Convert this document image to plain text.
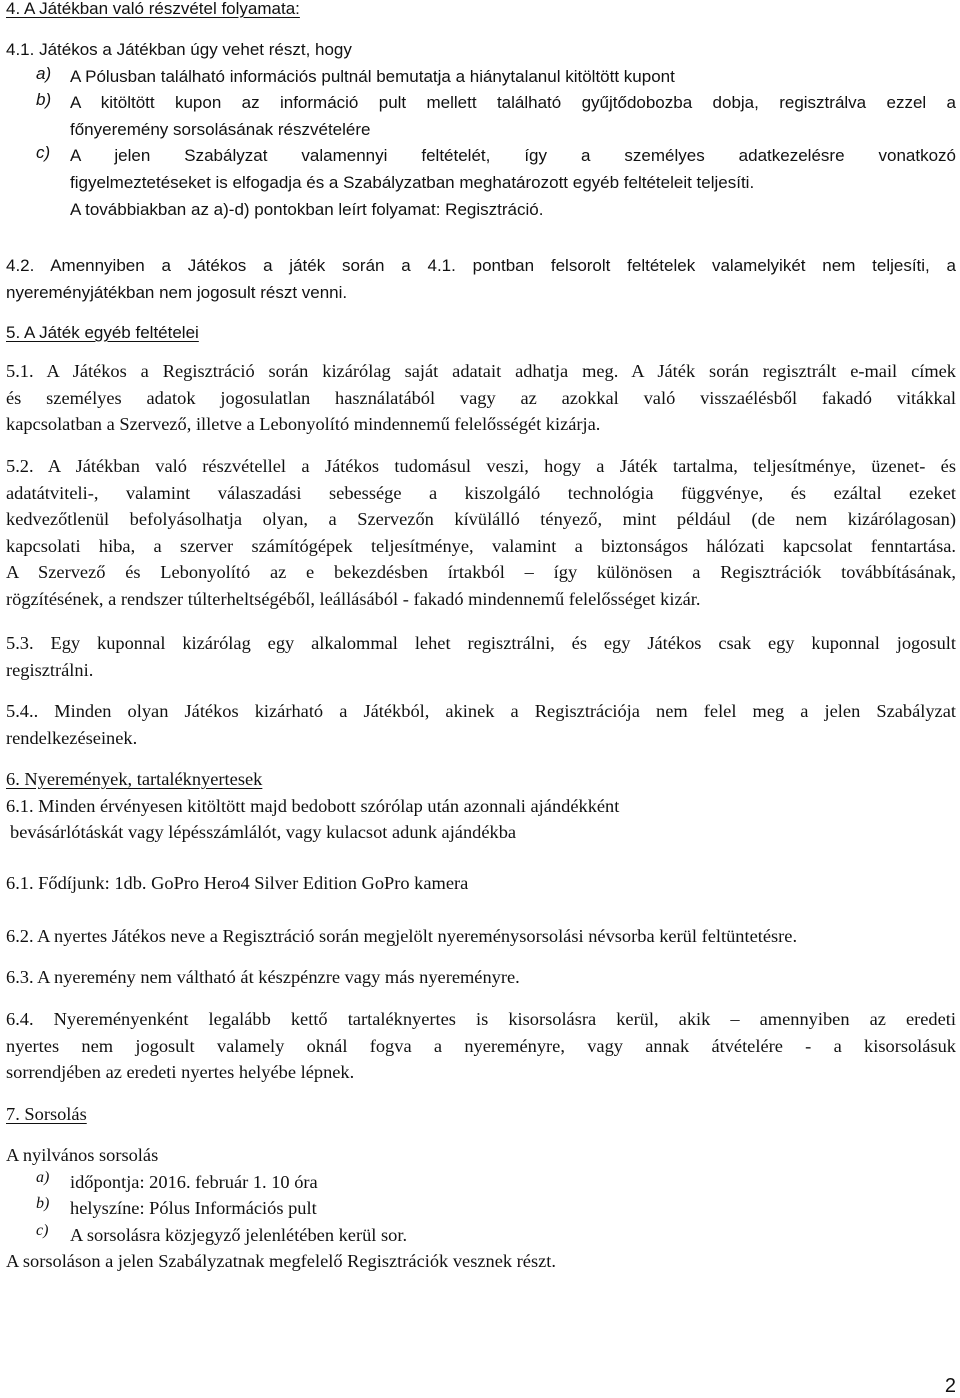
4. A Játékban való részvétel folyamata:
4.1. Játékos a Játékban úgy vehet részt, hogy
a)	A Pólusban található információs pultnál bemutatja a hiánytalanul kitöltött kupont
b)	A kitöltött kupon az információ pult mellett található gyűjtődobozba dobja, regisztrálva ezzel a
főnyeremény sorsolásának részvételére
c)	A jelen Szabályzat valamennyi feltételét, így a személyes adatkezelésre vonatkozó
figyelmeztetéseket is elfogadja és a Szabályzatban meghatározott egyéb feltételeit teljesíti.
A továbbiakban az a)-d) pontokban leírt folyamat: Regisztráció.
4.2. Amennyiben a Játékos a játék során a 4.1. pontban felsorolt feltételek valamelyikét nem teljesíti, a
nyereményjátékban nem jogosult részt venni.
5. A Játék egyéb feltételei
5.1. A Játékos a Regisztráció során kizárólag saját adatait adhatja meg. A Játék során regisztrált e-mail címek
és személyes adatok jogosulatlan használatából vagy az azokkal való visszaélésből fakadó vitákkal
kapcsolatban a Szervező, illetve a Lebonyolító mindennemű felelősségét kizárja.
5.2. A Játékban való részvétellel a Játékos tudomásul veszi, hogy a Játék tartalma, teljesítménye, üzenet- és
adatátviteli-, valamint válaszadási sebessége a kiszolgáló technológia függvénye, és ezáltal ezeket
kedvezőtlenül befolyásolhatja olyan, a Szervezőn kívülálló tényező, mint például (de nem kizárólagosan)
kapcsolati hiba, a szerver számítógépek teljesítménye, valamint a biztonságos hálózati kapcsolat fenntartása.
A Szervező és Lebonyolító az e bekezdésben írtakból – így különösen a Regisztrációk továbbításának,
rögzítésének, a rendszer túlterheltségéből, leállásából - fakadó mindennemű felelősséget kizár.
5.3. Egy kuponnal kizárólag egy alkalommal lehet regisztrálni, és egy Játékos csak egy kuponnal jogosult
regisztrálni.
5.4.. Minden olyan Játékos kizárható a Játékból, akinek a Regisztrációja nem felel meg a jelen Szabályzat
rendelkezéseinek.
6. Nyeremények, tartaléknyertesek
6.1. Minden érvényesen kitöltött majd bedobott szórólap után azonnali ajándékként
bevásárlótáskát vagy lépésszámlálót, vagy kulacsot adunk ajándékba
6.1. Fődíjunk: 1db. GoPro Hero4 Silver Edition GoPro kamera
6.2. A nyertes Játékos neve a Regisztráció során megjelölt nyereménysorsolási névsorba kerül feltüntetésre.
6.3. A nyeremény nem váltható át készpénzre vagy más nyereményre.
6.4. Nyereményenként legalább kettő tartaléknyertes is kisorsolásra kerül, akik – amennyiben az eredeti
nyertes nem jogosult valamely oknál fogva a nyereményre, vagy annak átvételére - a kisorsolásuk
sorrendjében az eredeti nyertes helyébe lépnek.
7. Sorsolás
A nyilvános sorsolás
a)	időpontja: 2016. február 1. 10 óra
b)	helyszíne: Pólus Információs pult
c)	A sorsolásra közjegyző jelenlétében kerül sor.
A sorsoláson a jelen Szabályzatnak megfelelő Regisztrációk vesznek részt.
2
